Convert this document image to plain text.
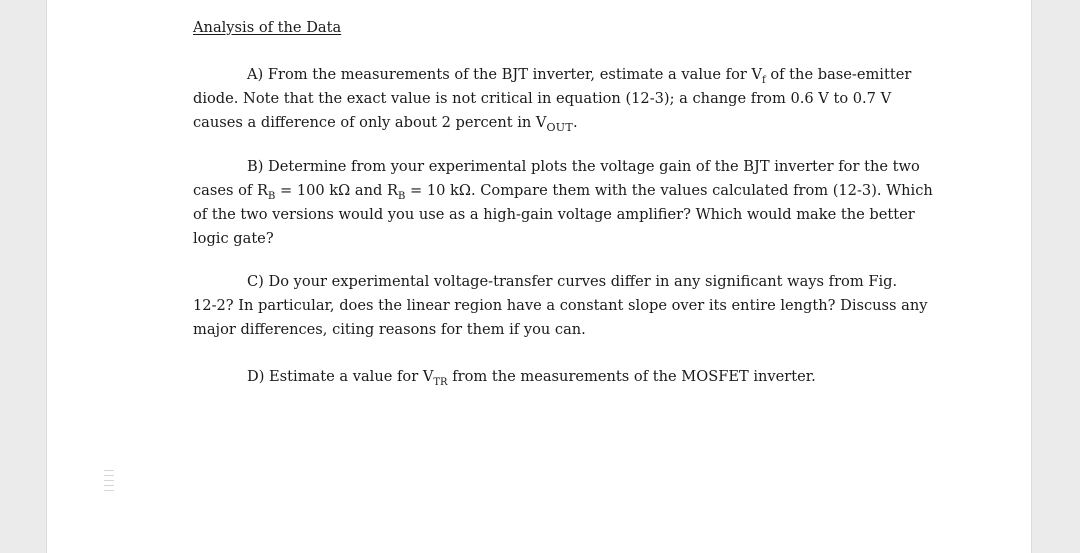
Analysis of the Data
A) From the measurements of the BJT inverter, estimate a value for $V_f$ of the base-emitter
diode. Note that the exact value is not critical in equation (12-3); a change from 0.6 V to 0.7 V
causes a difference of only about 2 percent in $V_{OUT}$.
B) Determine from your experimental plots the voltage gain of the BJT inverter for the two
cases of $R_B = 100$ kΩ and $R_B = 10$ kΩ. Compare them with the values calculated from (12-3). Which
of the two versions would you use as a high-gain voltage amplifier? Which would make the better
logic gate?
C) Do your experimental voltage-transfer curves differ in any significant ways from Fig.
12-2? In particular, does the linear region have a constant slope over its entire length? Discuss any
major differences, citing reasons for them if you can.
D) Estimate a value for $V_{TR}$ from the measurements of the MOSFET inverter.
